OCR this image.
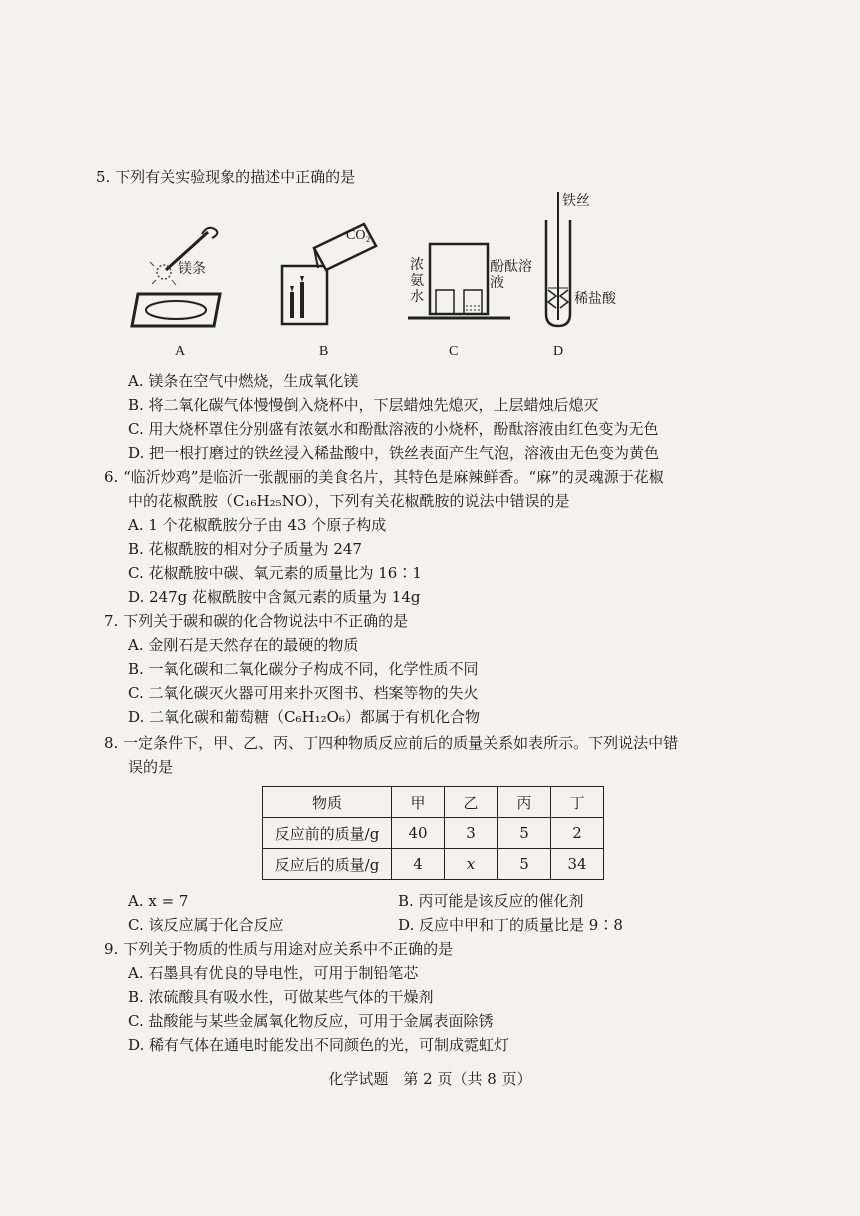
5. 下列有关实验现象的描述中正确的是
镁条
A
CO₂
B
浓氨水
酚酞溶液
C
铁丝
稀盐酸
D
A. 镁条在空气中燃烧，生成氧化镁
B. 将二氧化碳气体慢慢倒入烧杯中，下层蜡烛先熄灭，上层蜡烛后熄灭
C. 用大烧杯罩住分别盛有浓氨水和酚酞溶液的小烧杯，酚酞溶液由红色变为无色
D. 把一根打磨过的铁丝浸入稀盐酸中，铁丝表面产生气泡，溶液由无色变为黄色
6. “临沂炒鸡”是临沂一张靓丽的美食名片，其特色是麻辣鲜香。“麻”的灵魂源于花椒
中的花椒酰胺（C₁₆H₂₅NO），下列有关花椒酰胺的说法中错误的是
A. 1 个花椒酰胺分子由 43 个原子构成
B. 花椒酰胺的相对分子质量为 247
C. 花椒酰胺中碳、氧元素的质量比为 16∶1
D. 247g 花椒酰胺中含氮元素的质量为 14g
7. 下列关于碳和碳的化合物说法中不正确的是
A. 金刚石是天然存在的最硬的物质
B. 一氧化碳和二氧化碳分子构成不同，化学性质不同
C. 二氧化碳灭火器可用来扑灭图书、档案等物的失火
D. 二氧化碳和葡萄糖（C₆H₁₂O₆）都属于有机化合物
8. 一定条件下，甲、乙、丙、丁四种物质反应前后的质量关系如表所示。下列说法中错
误的是
物质	甲	乙	丙	丁
反应前的质量/g	40	3	5	2
反应后的质量/g	4	x	5	34
A. x = 7	B. 丙可能是该反应的催化剂
C. 该反应属于化合反应	D. 反应中甲和丁的质量比是 9∶8
9. 下列关于物质的性质与用途对应关系中不正确的是
A. 石墨具有优良的导电性，可用于制铅笔芯
B. 浓硫酸具有吸水性，可做某些气体的干燥剂
C. 盐酸能与某些金属氧化物反应，可用于金属表面除锈
D. 稀有气体在通电时能发出不同颜色的光，可制成霓虹灯
化学试题　第 2 页（共 8 页）
